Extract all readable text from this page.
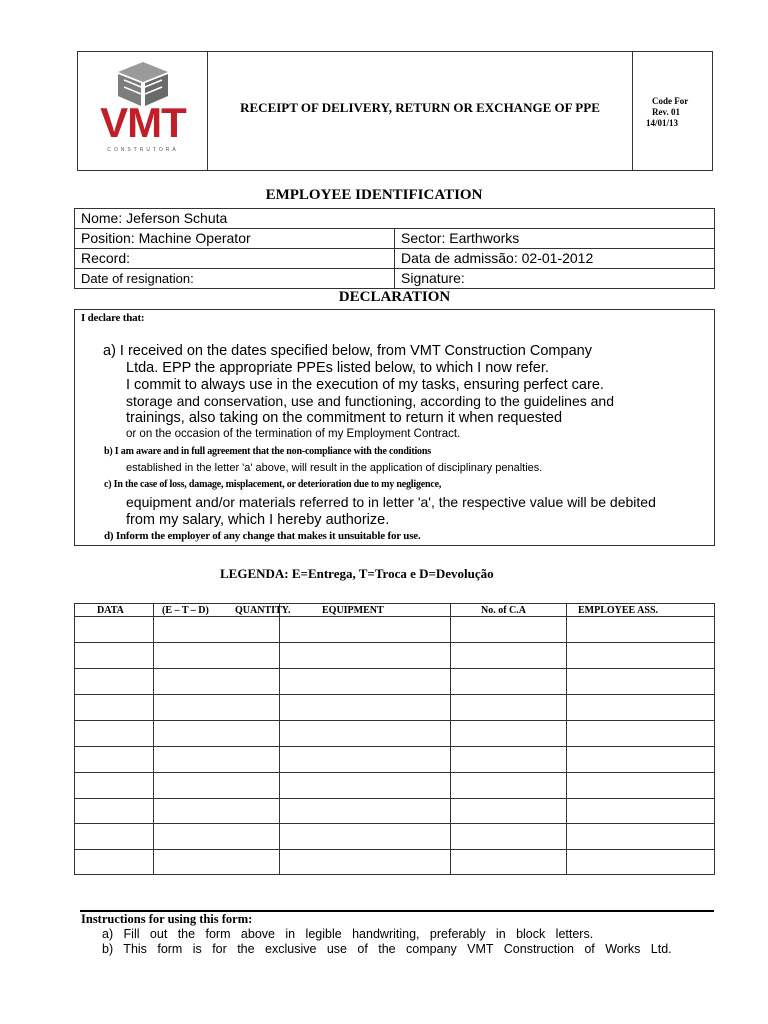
VMT
CONSTRUTORA
RECEIPT OF DELIVERY, RETURN OR EXCHANGE OF PPE	Code For
Rev. 01
14/01/13
EMPLOYEE IDENTIFICATION
Nome: Jeferson Schuta	
Position: Machine Operator	Sector: Earthworks
Record:	Data de admissão: 02-01-2012
Date of resignation:	Signature:
DECLARATION
I declare that:
a) I received on the dates specified below, from VMT Construction Company
Ltda. EPP the appropriate PPEs listed below, to which I now refer.
I commit to always use in the execution of my tasks, ensuring perfect care.
storage and conservation, use and functioning, according to the guidelines and
trainings, also taking on the commitment to return it when requested
or on the occasion of the termination of my Employment Contract.
b) I am aware and in full agreement that the non-compliance with the conditions
established in the letter 'a' above, will result in the application of disciplinary penalties.
c) In the case of loss, damage, misplacement, or deterioration due to my negligence,
equipment and/or materials referred to in letter 'a', the respective value will be debited
from my salary, which I hereby authorize.
d) Inform the employer of any change that makes it unsuitable for use.
LEGENDA: E=Entrega, T=Troca e D=Devolução
DATA	(E – T – D)	QUANTITY.	EQUIPMENT	No. of C.A	EMPLOYEE ASS.
Instructions for using this form:
a)   Fill   out   the   form   above   in   legible   handwriting,   preferably   in   block   letters.
b)   This   form   is   for   the   exclusive   use   of   the   company   VMT   Construction   of   Works   Ltd.
